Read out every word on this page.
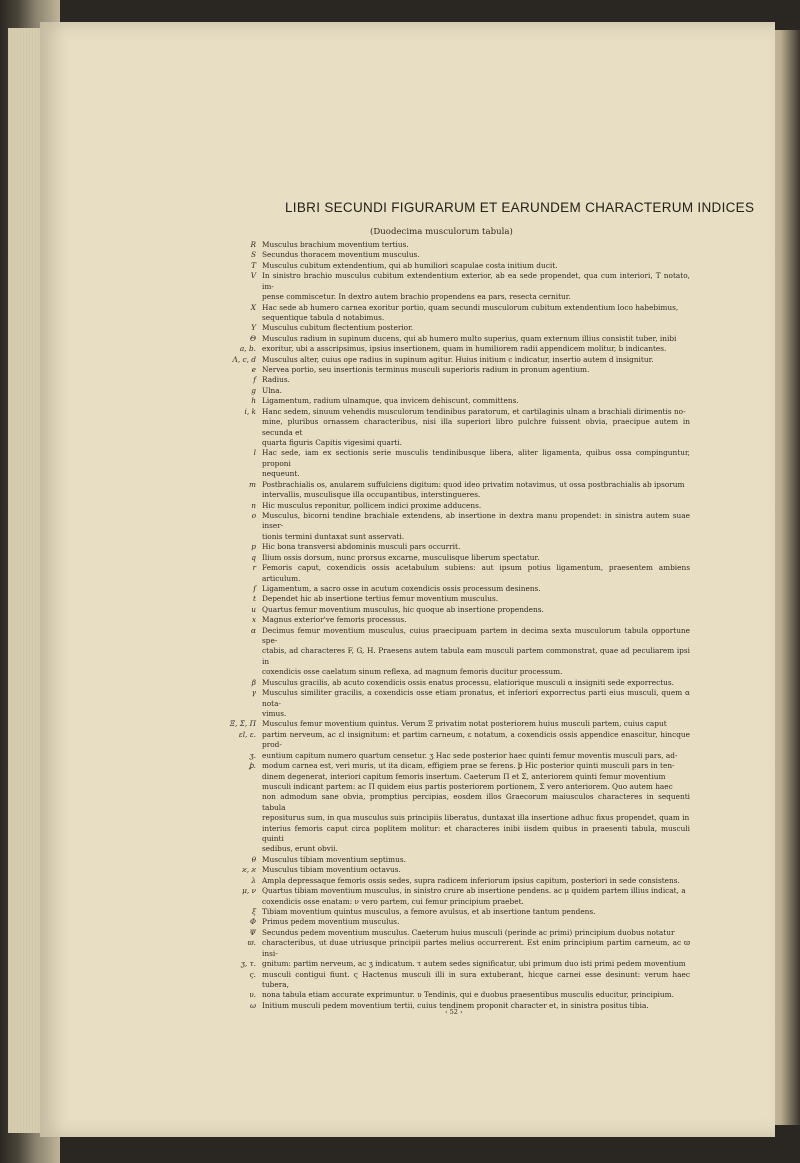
LIBRI SECUNDI FIGURARUM ET EARUNDEM CHARACTERUM INDICES
(Duodecima musculorum tabula)
R Musculus brachium moventium tertius.
S Secundus thoracem moventium musculus.
T Musculus cubitum extendentium, qui ab humiliori scapulae costa initium ducit.
V In sinistro brachio musculus cubitum extendentium exterior, ab ea sede propendet, qua cum interiori, T notato, im-
pense commiscetur. In dextro autem brachio propendens ea pars, resecta cernitur.
X Hac sede ab humero carnea exoritur portio, quam secundi musculorum cubitum extendentium loco habebimus,
sequentique tabula d notabimus.
Y Musculus cubitum flectentium posterior.
Θ Musculus radium in supinum ducens, qui ab humero multo superius, quam externum illius consistit tuber, inibi
a, b. exoritur, ubi a asscripsimus, ipsius insertionem, quam in humiliorem radii appendicem molitur, b indicantes.
Λ, c, d Musculus alter, cuius ope radius in supinum agitur. Huius initium c indicatur, insertio autem d insignitur.
e Nervea portio, seu insertionis terminus musculi superioris radium in pronum agentium.
f Radius.
g Ulna.
h Ligamentum, radium ulnamque, qua invicem dehiscunt, committens.
i, k Hanc sedem, sinuum vehendis musculorum tendinibus paratorum, et cartilaginis ulnam a brachiali dirimentis no-
mine, pluribus ornassem characteribus, nisi illa superiori libro pulchre fuissent obvia, praecipue autem in secunda et
quarta figuris Capitis vigesimi quarti.
l Hac sede, iam ex sectionis serie musculis tendinibusque libera, aliter ligamenta, quibus ossa compinguntur, proponi
nequeunt.
m Postbrachialis os, anularem suffulciens digitum: quod ideo privatim notavimus, ut ossa postbrachialis ab ipsorum
intervallis, musculisque illa occupantibus, interstingueres.
n Hic musculus reponitur, pollicem indici proxime adducens.
o Musculus, bicorni tendine brachiale extendens, ab insertione in dextra manu propendet: in sinistra autem suae inser-
tionis termini duntaxat sunt asservati.
p Hic bona transversi abdominis musculi pars occurrit.
q Ilium ossis dorsum, nunc prorsus excarne, musculisque liberum spectatur.
r Femoris caput, coxendicis ossis acetabulum subiens: aut ipsum potius ligamentum, praesentem ambiens articulum.
ſ Ligamentum, a sacro osse in acutum coxendicis ossis processum desinens.
t Dependet hic ab insertione tertius femur moventium musculus.
u Quartus femur moventium musculus, hic quoque ab insertione propendens.
x Magnus exterior've femoris processus.
α Decimus femur moventium musculus, cuius praecipuam partem in decima sexta musculorum tabula opportune spe-
ctabis, ad characteres F, G, H. Praesens autem tabula eam musculi partem commonstrat, quae ad peculiarem ipsi in
coxendicis osse caelatum sinum reflexa, ad magnum femoris ducitur processum.
β Musculus gracilis, ab acuto coxendicis ossis enatus processu, elatiorique musculi α insigniti sede exporrectus.
γ Musculus similiter gracilis, a coxendicis osse etiam pronatus, et inferiori exporrectus parti eius musculi, quem α nota-
vimus.
Ξ, Σ, Π Musculus femur moventium quintus. Verum Ξ privatim notat posteriorem huius musculi partem, cuius caput
ɛl, ɛ. partim nerveum, ac ɛl insignitum: et partim carneum, ɛ notatum, a coxendicis ossis appendice enascitur, hincque prod-
ʒ. euntium capitum numero quartum censetur. ʒ Hac sede posterior haec quinti femur moventis musculi pars, ad-
ꝧ. modum carnea est, veri muris, ut ita dicam, effigiem prae se ferens. ꝧ Hic posterior quinti musculi pars in ten-
dinem degenerat, interiori capitum femoris insertum. Caeterum Π et Σ, anteriorem quinti femur moventium
musculi indicant partem: ac Π quidem eius partis posteriorem portionem, Σ vero anteriorem. Quo autem haec
non admodum sane obvia, promptius percipias, eosdem illos Graecorum maiusculos characteres in sequenti tabula
repositurus sum, in qua musculus suis principiis liberatus, duntaxat illa insertione adhuc fixus propendet, quam in
interius femoris caput circa poplitem molitur: et characteres inibi iisdem quibus in praesenti tabula, musculi quinti
sedibus, erunt obvii.
θ Musculus tibiam moventium septimus.
ϰ, ϰ Musculus tibiam moventium octavus.
λ Ampla depressaque femoris ossis sedes, supra radicem inferiorum ipsius capitum, posteriori in sede consistens.
μ, ν Quartus tibiam moventium musculus, in sinistro crure ab insertione pendens. ac μ quidem partem illius indicat, a
coxendicis osse enatam: ν vero partem, cui femur principium praebet.
ξ Tibiam moventium quintus musculus, a femore avulsus, et ab insertione tantum pendens.
Φ Primus pedem moventium musculus.
Ψ Secundus pedem moventium musculus. Caeterum huius musculi (perinde ac primi) principium duobus notatur
ϖ. characteribus, ut duae utriusque principii partes melius occurrerent. Est enim principium partim carneum, ac ϖ insi-
ʒ, τ. gnitum: partim nerveum, ac ʒ indicatum. τ autem sedes significatur, ubi primum duo isti primi pedem moventium
ς. musculi contigui fiunt. ς Hactenus musculi illi in sura extuberant, hicque carnei esse desinunt: verum haec tubera,
υ. nona tabula etiam accurate exprimuntur. υ Tendinis, qui e duobus praesentibus musculis educitur, principium.
ω Initium musculi pedem moventium tertii, cuius tendinem proponit character et, in sinistra positus tibia.
‹ 52 ›
